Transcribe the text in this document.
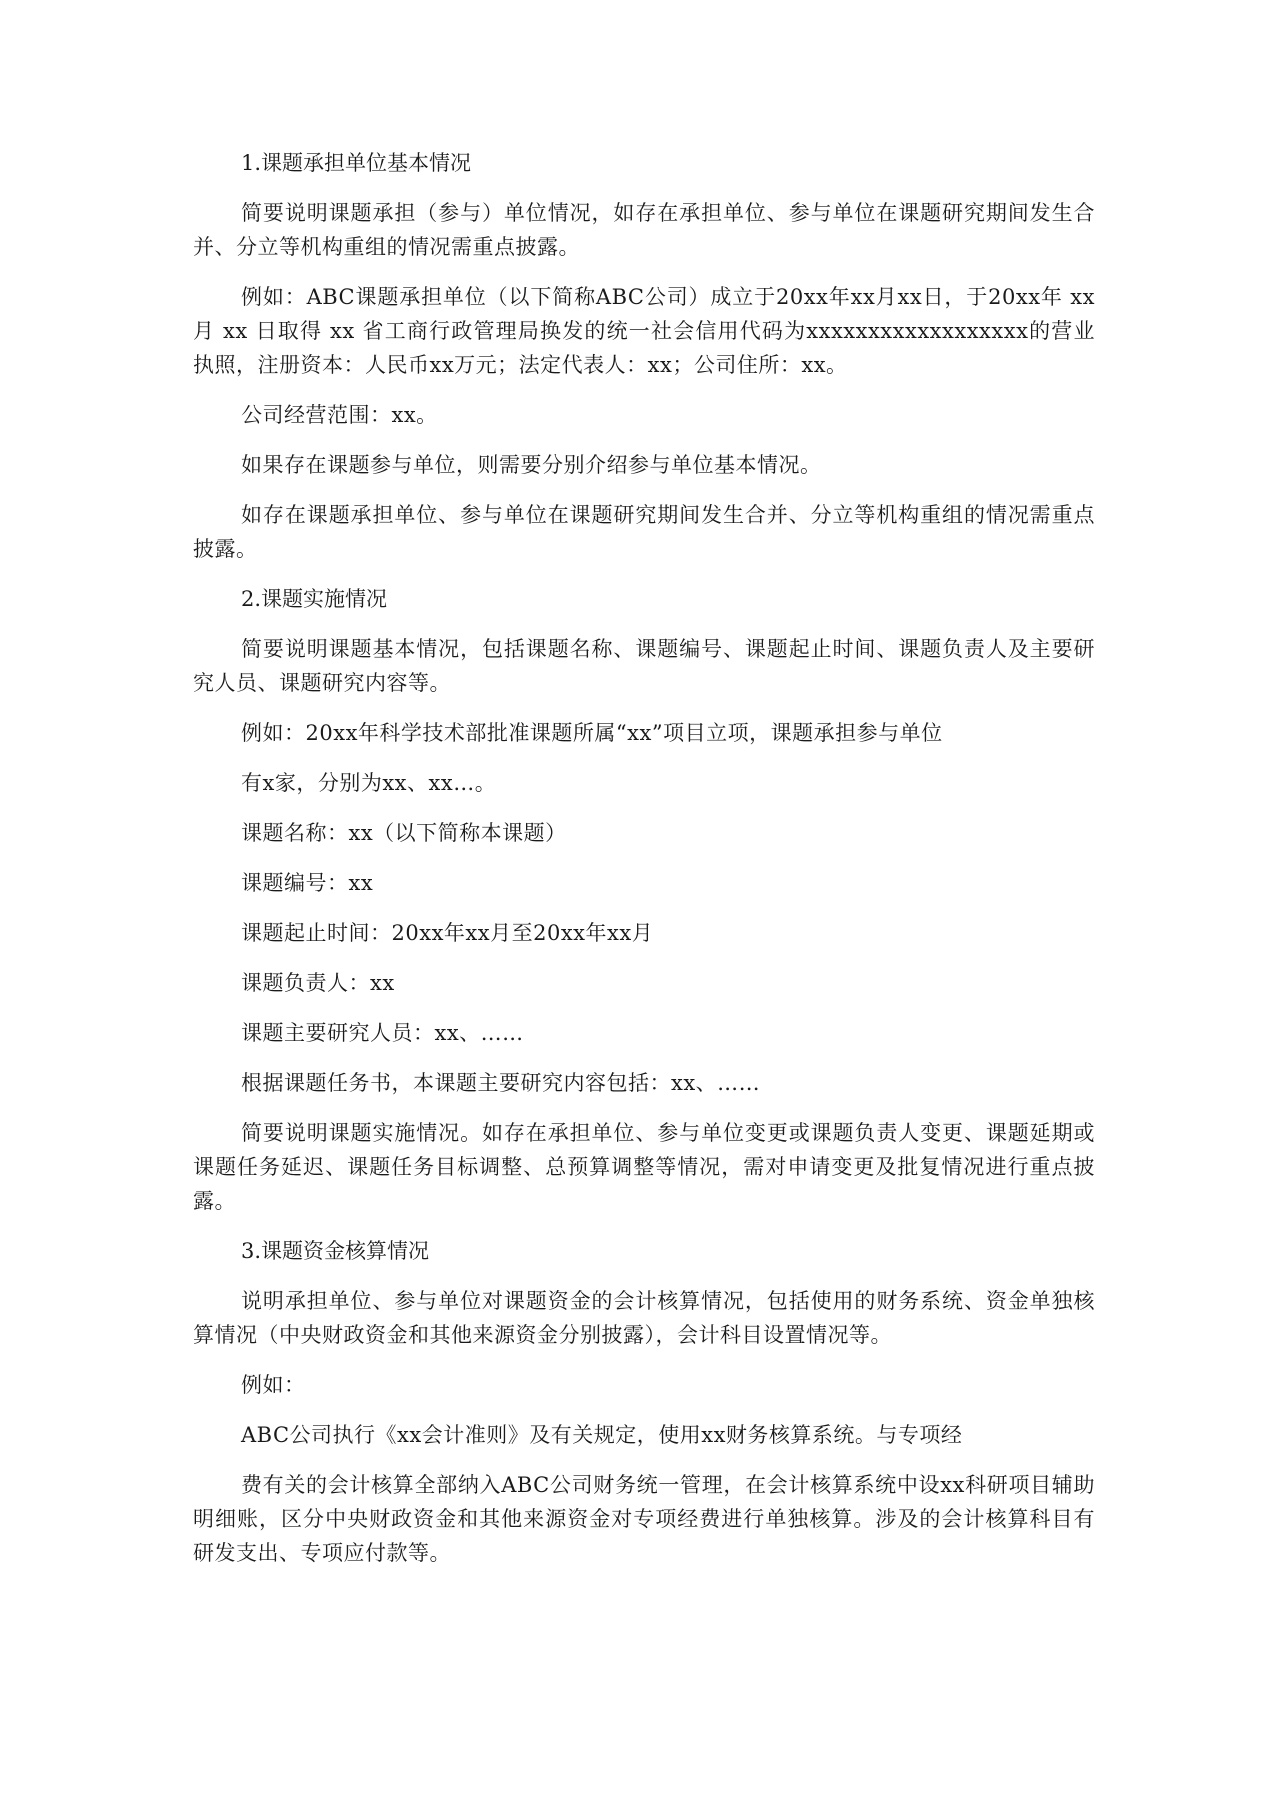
1.课题承担单位基本情况

简要说明课题承担（参与）单位情况，如存在承担单位、参与单位在课题研究期间发生合并、分立等机构重组的情况需重点披露。

例如：ABC课题承担单位（以下简称ABC公司）成立于20xx年xx月xx日，于20xx年 xx 月 xx 日取得 xx 省工商行政管理局换发的统一社会信用代码为xxxxxxxxxxxxxxxxxx的营业执照，注册资本：人民币xx万元；法定代表人：xx；公司住所：xx。

公司经营范围：xx。

如果存在课题参与单位，则需要分别介绍参与单位基本情况。

如存在课题承担单位、参与单位在课题研究期间发生合并、分立等机构重组的情况需重点披露。

2.课题实施情况

简要说明课题基本情况，包括课题名称、课题编号、课题起止时间、课题负责人及主要研究人员、课题研究内容等。

例如：20xx年科学技术部批准课题所属“xx”项目立项，课题承担参与单位

有x家，分别为xx、xx…。

课题名称：xx（以下简称本课题）

课题编号：xx

课题起止时间：20xx年xx月至20xx年xx月

课题负责人：xx

课题主要研究人员：xx、……

根据课题任务书，本课题主要研究内容包括：xx、……

简要说明课题实施情况。如存在承担单位、参与单位变更或课题负责人变更、课题延期或课题任务延迟、课题任务目标调整、总预算调整等情况，需对申请变更及批复情况进行重点披露。

3.课题资金核算情况

说明承担单位、参与单位对课题资金的会计核算情况，包括使用的财务系统、资金单独核算情况（中央财政资金和其他来源资金分别披露），会计科目设置情况等。

例如：

ABC公司执行《xx会计准则》及有关规定，使用xx财务核算系统。与专项经

费有关的会计核算全部纳入ABC公司财务统一管理，在会计核算系统中设xx科研项目辅助明细账，区分中央财政资金和其他来源资金对专项经费进行单独核算。涉及的会计核算科目有研发支出、专项应付款等。
